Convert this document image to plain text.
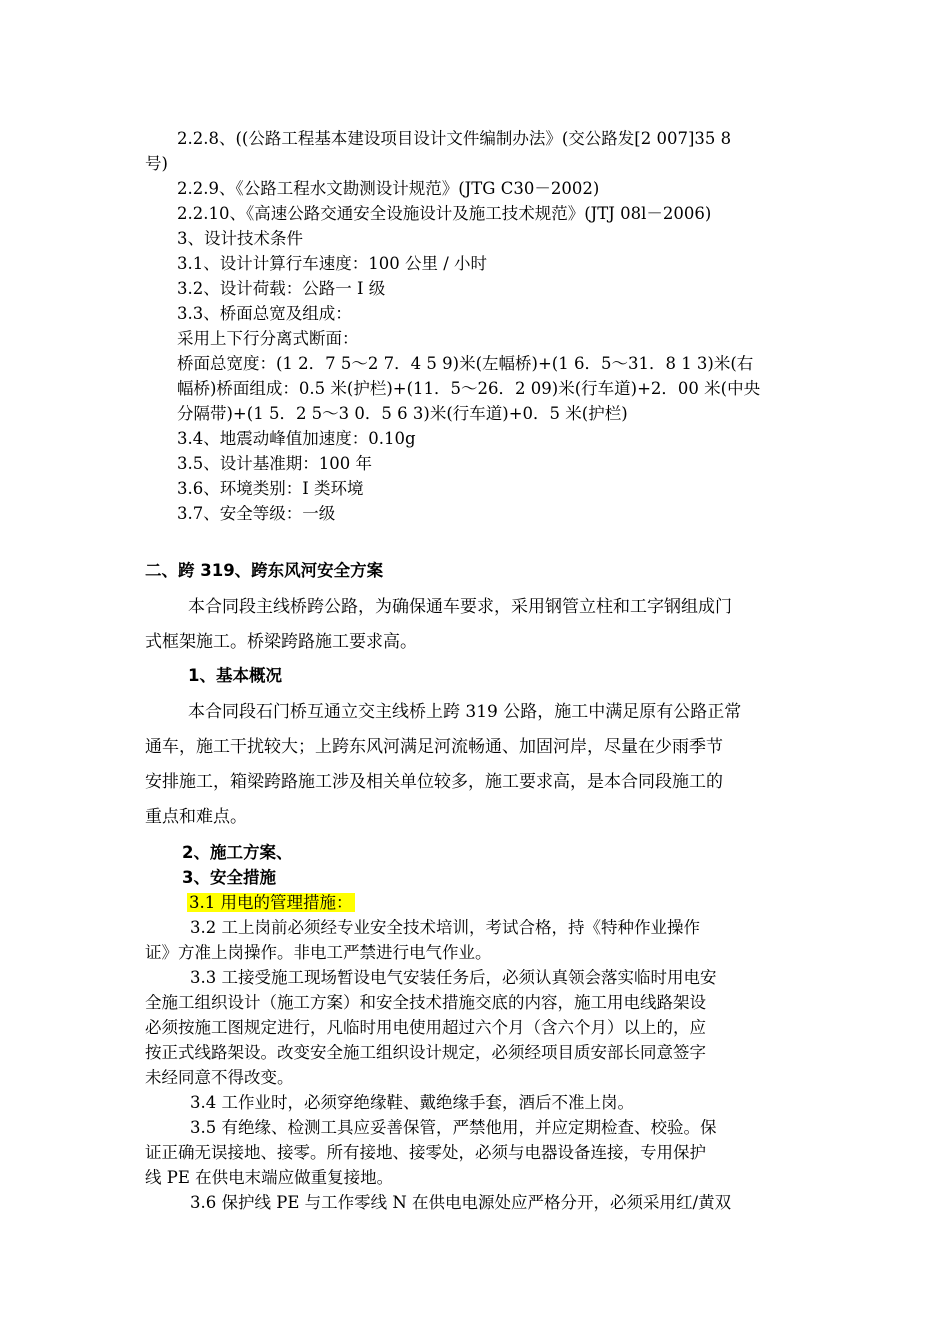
2.2.8、((公路工程基本建设项目设计文件编制办法》(交公路发[2 007]35 8

号)

2.2.9、《公路工程水文勘测设计规范》(JTG C30－2002)

2.2.10、《高速公路交通安全设施设计及施工技术规范》(JTJ 08l－2006)

3、设计技术条件

3.1、设计计算行车速度：100 公里 / 小时

3.2、设计荷载：公路一 I 级

3.3、桥面总宽及组成：

采用上下行分离式断面：

桥面总宽度：(1 2．7 5～2 7．4 5 9)米(左幅桥)+(1 6．5～31．8 1 3)米(右

幅桥)桥面组成：0.5 米(护栏)+(11．5～26．2 09)米(行车道)+2．00 米(中央

分隔带)+(1 5．2 5～3 0．5 6 3)米(行车道)+0．5 米(护栏)

3.4、地震动峰值加速度：0.10g

3.5、设计基准期：100 年

3.6、环境类别：I 类环境

3.7、安全等级：一级

二、跨 319、跨东风河安全方案

本合同段主线桥跨公路，为确保通车要求，采用钢管立柱和工字钢组成门

式框架施工。桥梁跨路施工要求高。

1、基本概况

本合同段石门桥互通立交主线桥上跨 319 公路，施工中满足原有公路正常

通车，施工干扰较大；上跨东风河满足河流畅通、加固河岸，尽量在少雨季节

安排施工，箱梁跨路施工涉及相关单位较多，施工要求高，是本合同段施工的

重点和难点。

2、施工方案、

3、安全措施

3.1 用电的管理措施：

3.2 工上岗前必须经专业安全技术培训，考试合格，持《特种作业操作

证》方准上岗操作。非电工严禁进行电气作业。

3.3 工接受施工现场暂设电气安装任务后，必须认真领会落实临时用电安

全施工组织设计（施工方案）和安全技术措施交底的内容，施工用电线路架设

必须按施工图规定进行，凡临时用电使用超过六个月（含六个月）以上的，应

按正式线路架设。改变安全施工组织设计规定，必须经项目质安部长同意签字

未经同意不得改变。

3.4 工作业时，必须穿绝缘鞋、戴绝缘手套，酒后不准上岗。

3.5 有绝缘、检测工具应妥善保管，严禁他用，并应定期检查、校验。保

证正确无误接地、接零。所有接地、接零处，必须与电器设备连接，专用保护

线 PE 在供电末端应做重复接地。

3.6 保护线 PE 与工作零线 N 在供电电源处应严格分开，必须采用红/黄双
